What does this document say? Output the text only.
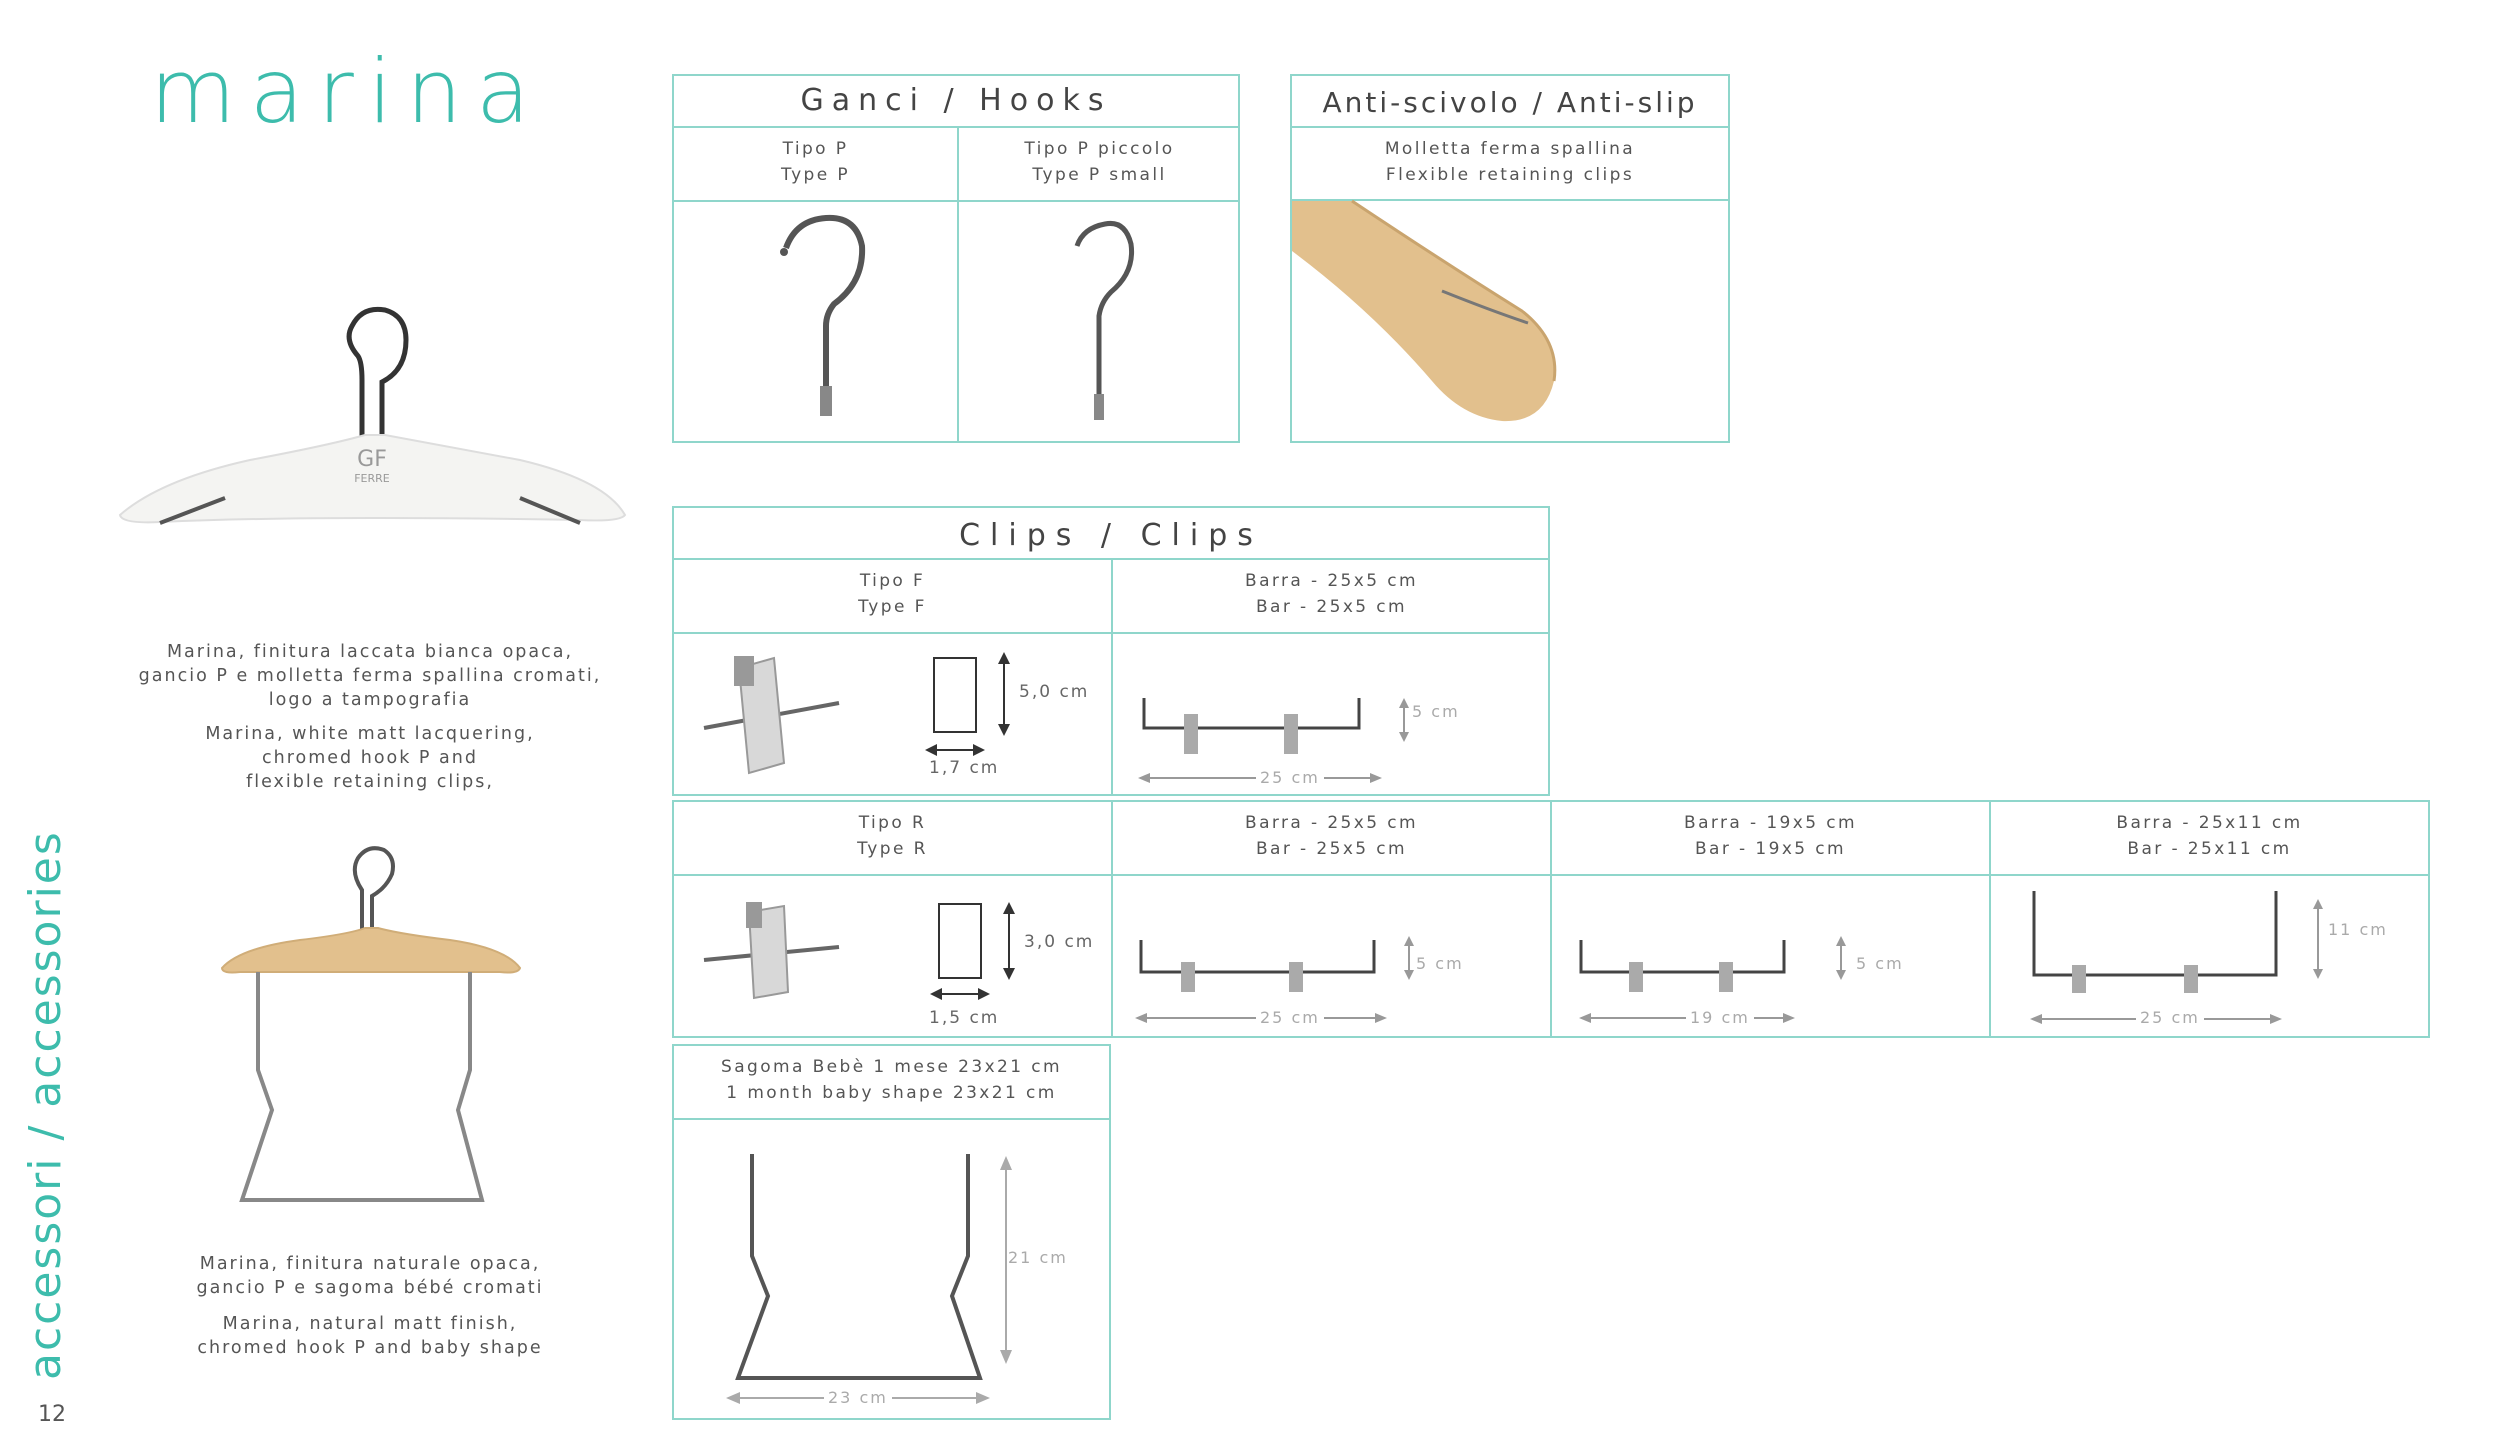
marina
accessori / accessories
12
GF
FERRE
Marina, finitura laccata bianca opaca,
gancio P e molletta ferma spallina cromati,
logo a tampografia
Marina, white matt lacquering,
chromed hook P and
flexible retaining clips,
Marina, finitura naturale opaca,
gancio P e sagoma bébé cromati
Marina, natural matt finish,
chromed hook P and baby shape
Ganci / Hooks
Tipo P
Type P
Tipo P piccolo
Type P small
Anti-scivolo / Anti-slip
Molletta ferma spallina
Flexible retaining clips
Clips / Clips
Tipo F
Type F
Barra - 25x5 cm
Bar - 25x5 cm
5,0 cm
1,7 cm
5 cm
25 cm
Tipo R
Type R
Barra - 25x5 cm
Bar - 25x5 cm
Barra - 19x5 cm
Bar - 19x5 cm
Barra - 25x11 cm
Bar - 25x11 cm
3,0 cm
1,5 cm
5 cm
25 cm
5 cm
19 cm
11 cm
25 cm
Sagoma Bebè 1 mese 23x21 cm
1 month baby shape 23x21 cm
21 cm
23 cm
